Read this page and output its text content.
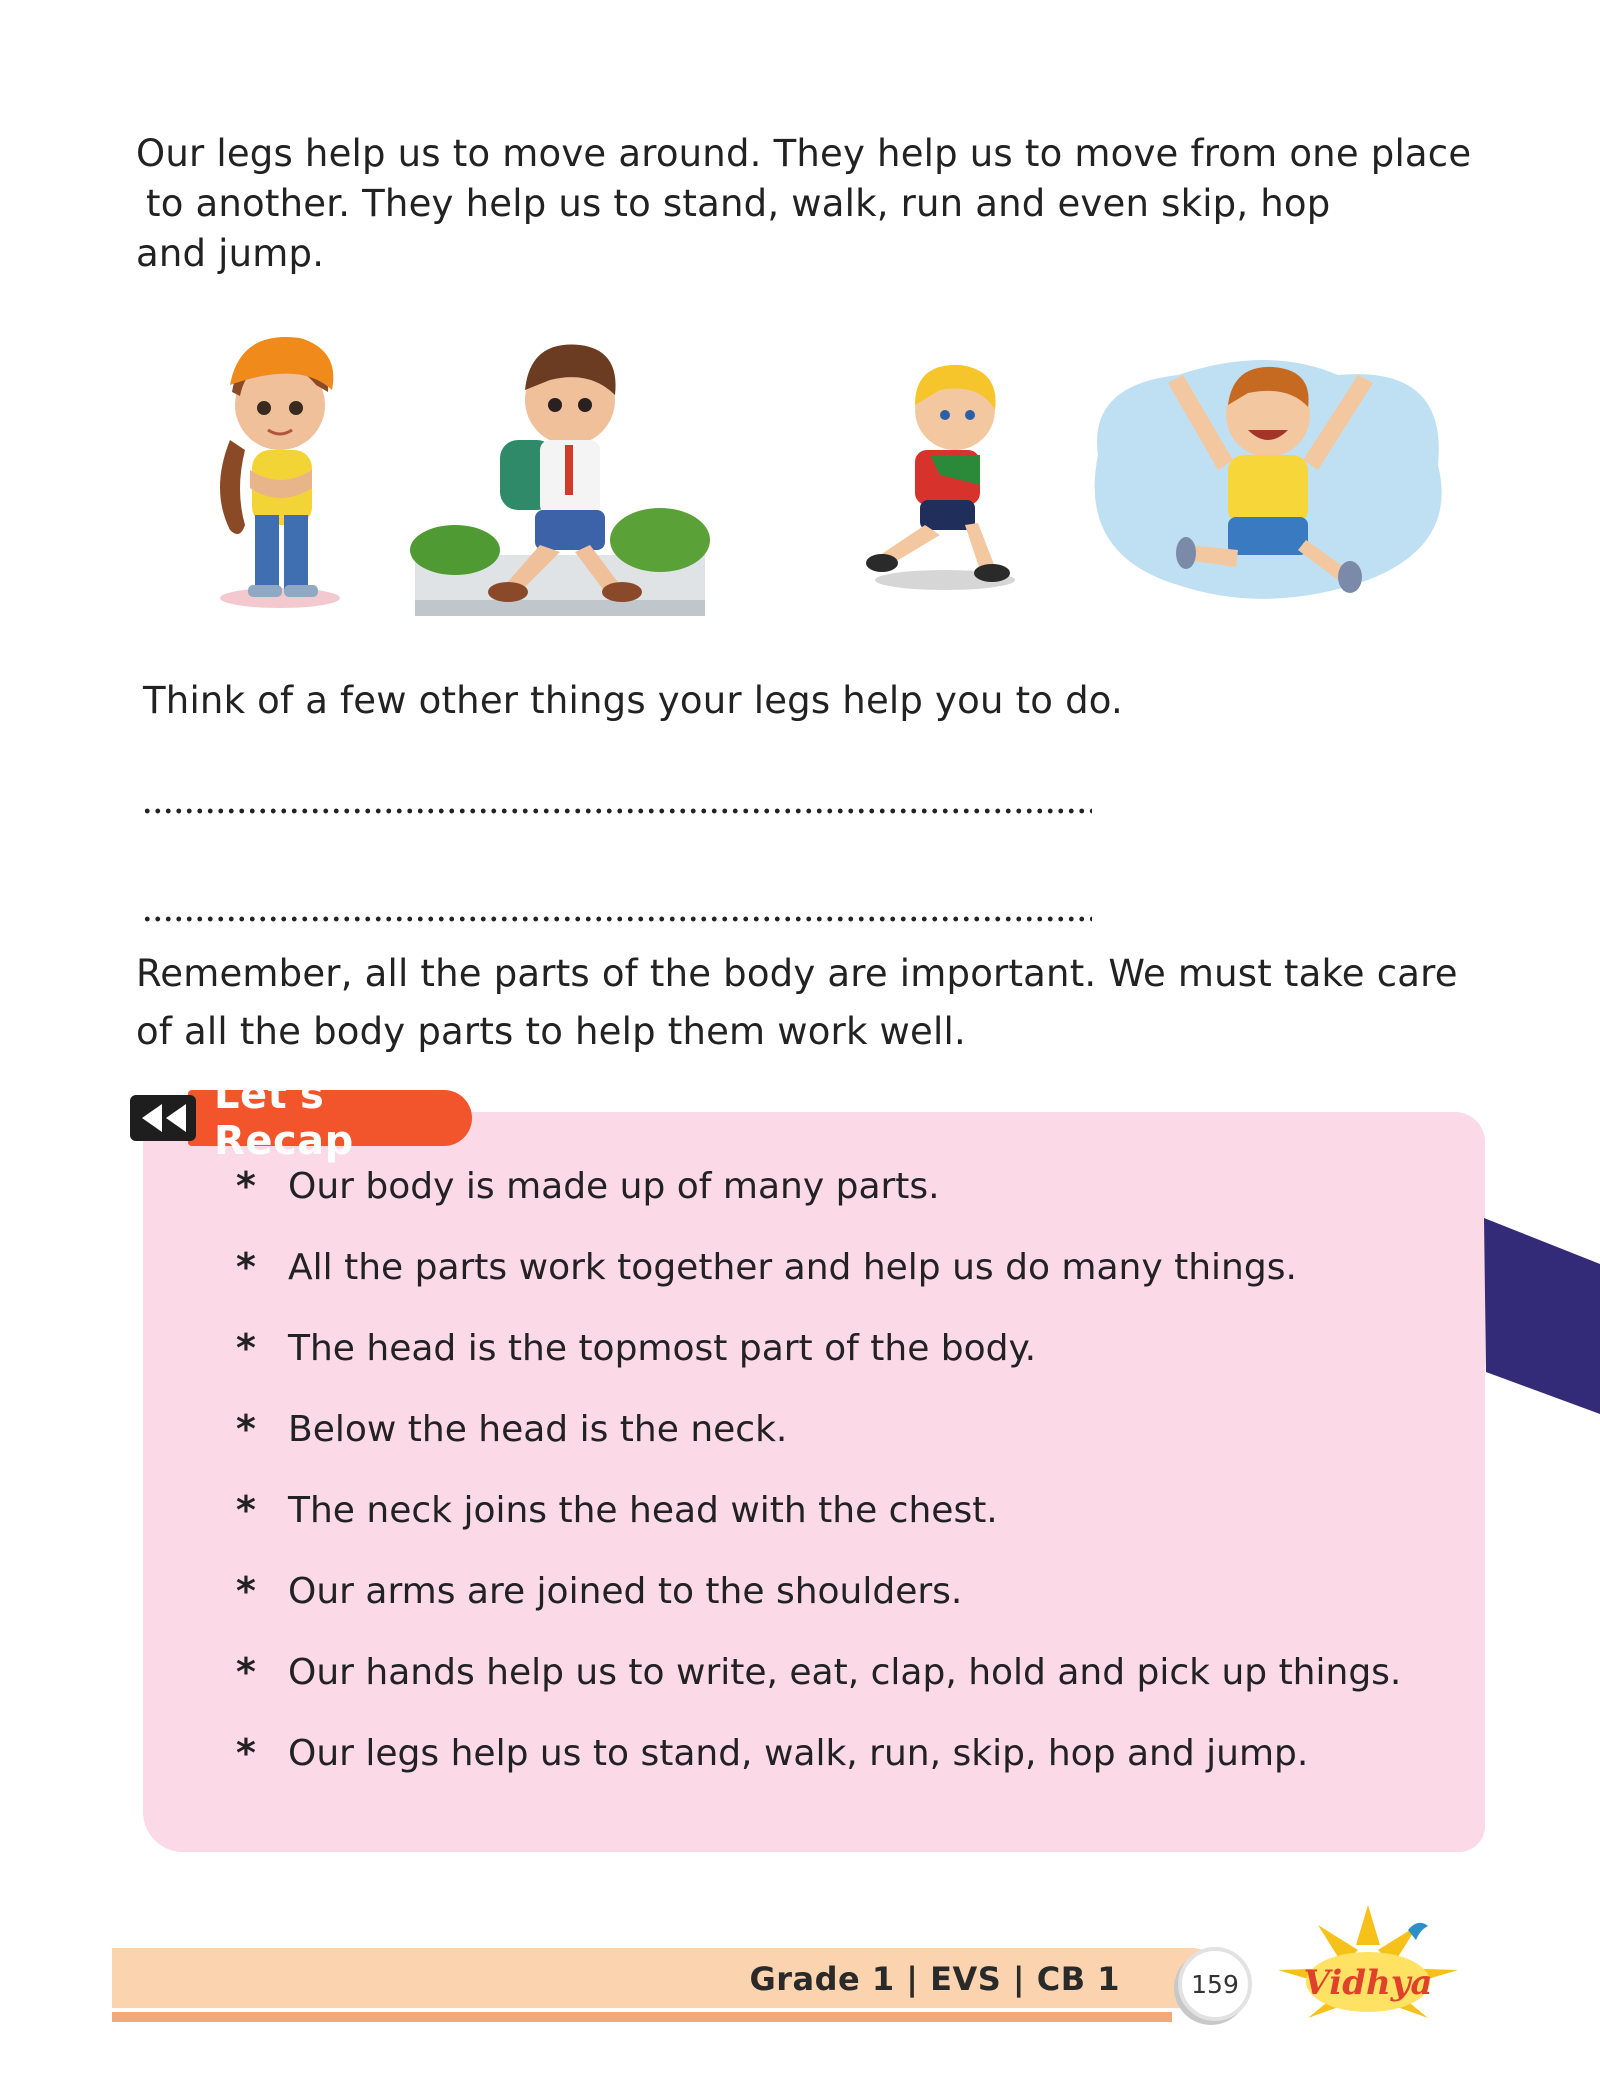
Our legs help us to move around. They help us to move from one place
to another. They help us to stand, walk, run and even skip, hop
and jump.
Think of a few other things your legs help you to do.
Remember, all the parts of the body are important. We must take care
of all the body parts to help them work well.
Let's Recap
* Our body is made up of many parts.
* All the parts work together and help us do many things.
* The head is the topmost part of the body.
* Below the head is the neck.
* The neck joins the head with the chest.
* Our arms are joined to the shoulders.
* Our hands help us to write, eat, clap, hold and pick up things.
* Our legs help us to stand, walk, run, skip, hop and jump.
Grade 1 | EVS | CB 1	159	Vidhya
